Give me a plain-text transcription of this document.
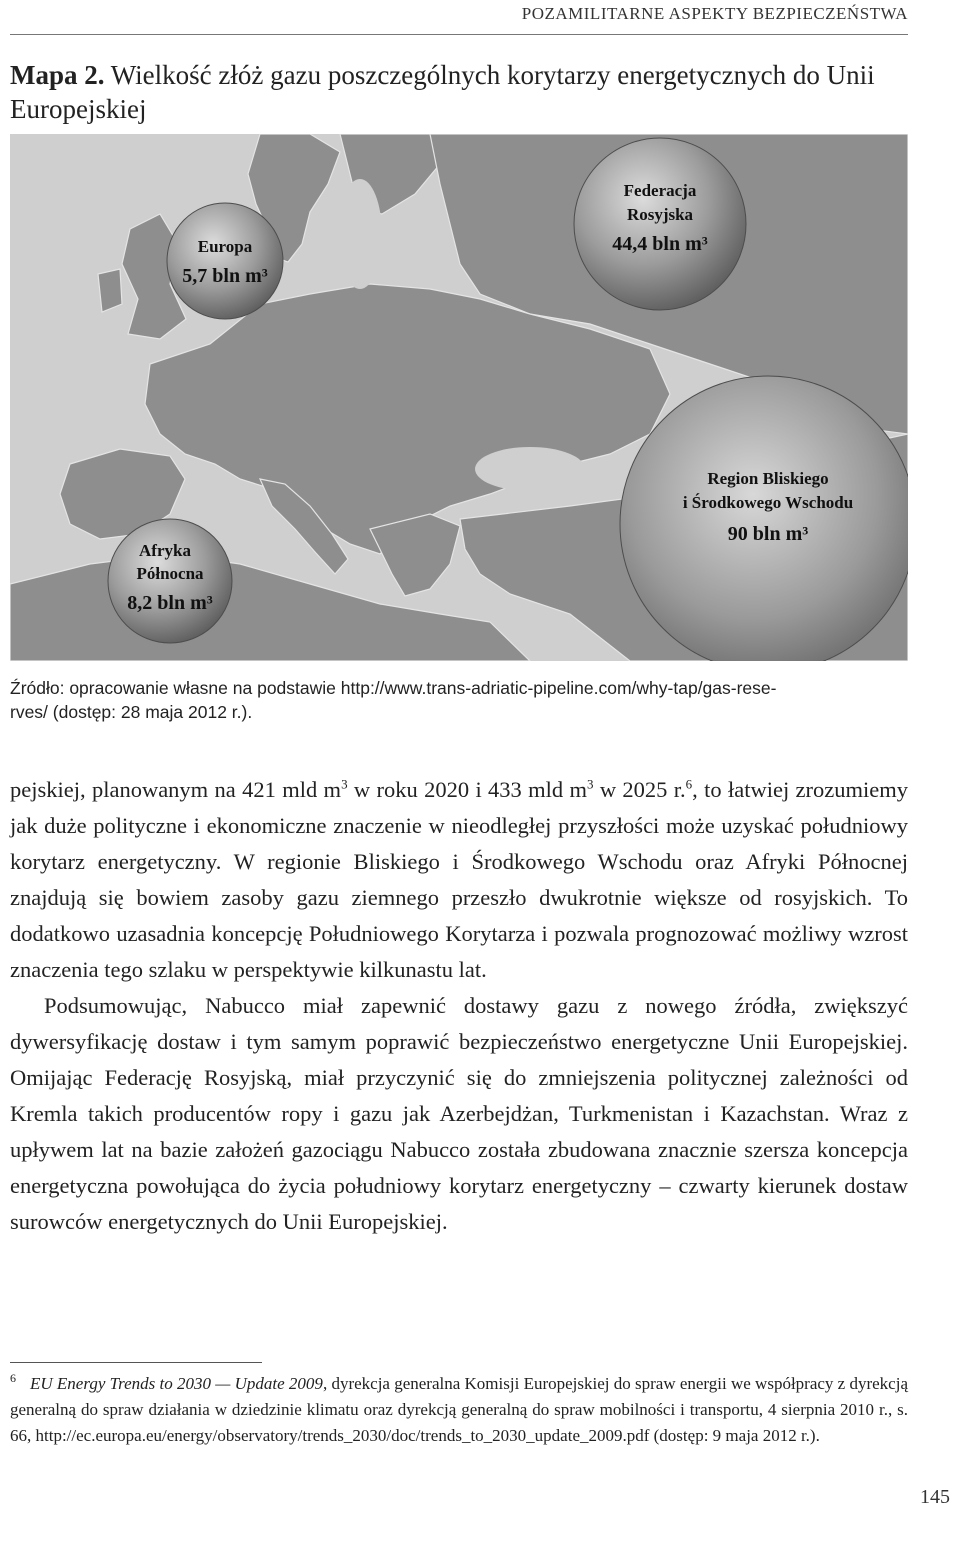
POZAMILITARNE ASPEKTY BEZPIECZEŃSTWA
Mapa 2. Wielkość złóż gazu poszczególnych korytarzy energetycznych do Unii Europejskiej
Europa
5,7 bln m³
Federacja
Rosyjska
44,4 bln m³
Region Bliskiego
i Środkowego Wschodu
90 bln m³
Afryka
Północna
8,2 bln m³
Źródło: opracowanie własne na podstawie http://www.trans-adriatic-pipeline.com/why-tap/gas-rese-
rves/ (dostęp: 28 maja 2012 r.).

pejskiej, planowanym na 421 mld $m^3$ w roku 2020 i 433 mld $m^3$ w 2025 r.$^6$, to łatwiej zrozumiemy jak duże polityczne i ekonomiczne znaczenie w nieodległej przyszłości może uzyskać południowy korytarz energetyczny. W regionie Bliskiego i Środkowego Wschodu oraz Afryki Północnej znajdują się bowiem zasoby gazu ziemnego przeszło dwukrotnie większe od rosyjskich. To dodatkowo uzasadnia koncepcję Południowego Korytarza i pozwala prognozować możliwy wzrost znaczenia tego szlaku w perspektywie kilkunastu lat.

Podsumowując, Nabucco miał zapewnić dostawy gazu z nowego źródła, zwiększyć dywersyfikację dostaw i tym samym poprawić bezpieczeństwo energetyczne Unii Europejskiej. Omijając Federację Rosyjską, miał przyczynić się do zmniejszenia politycznej zależności od Kremla takich producentów ropy i gazu jak Azerbejdżan, Turkmenistan i Kazachstan. Wraz z upływem lat na bazie założeń gazociągu Nabucco została zbudowana znacznie szersza koncepcja energetyczna powołująca do życia południowy korytarz energetyczny – czwarty kierunek dostaw surowców energetycznych do Unii Europejskiej.

$^6$ EU Energy Trends to 2030 — Update 2009, dyrekcja generalna Komisji Europejskiej do spraw energii we współpracy z dyrekcją generalną do spraw działania w dziedzinie klimatu oraz dyrekcją generalną do spraw mobilności i transportu, 4 sierpnia 2010 r., s. 66, http://ec.europa.eu/energy/observatory/trends_2030/doc/trends_to_2030_update_2009.pdf (dostęp: 9 maja 2012 r.).
145
